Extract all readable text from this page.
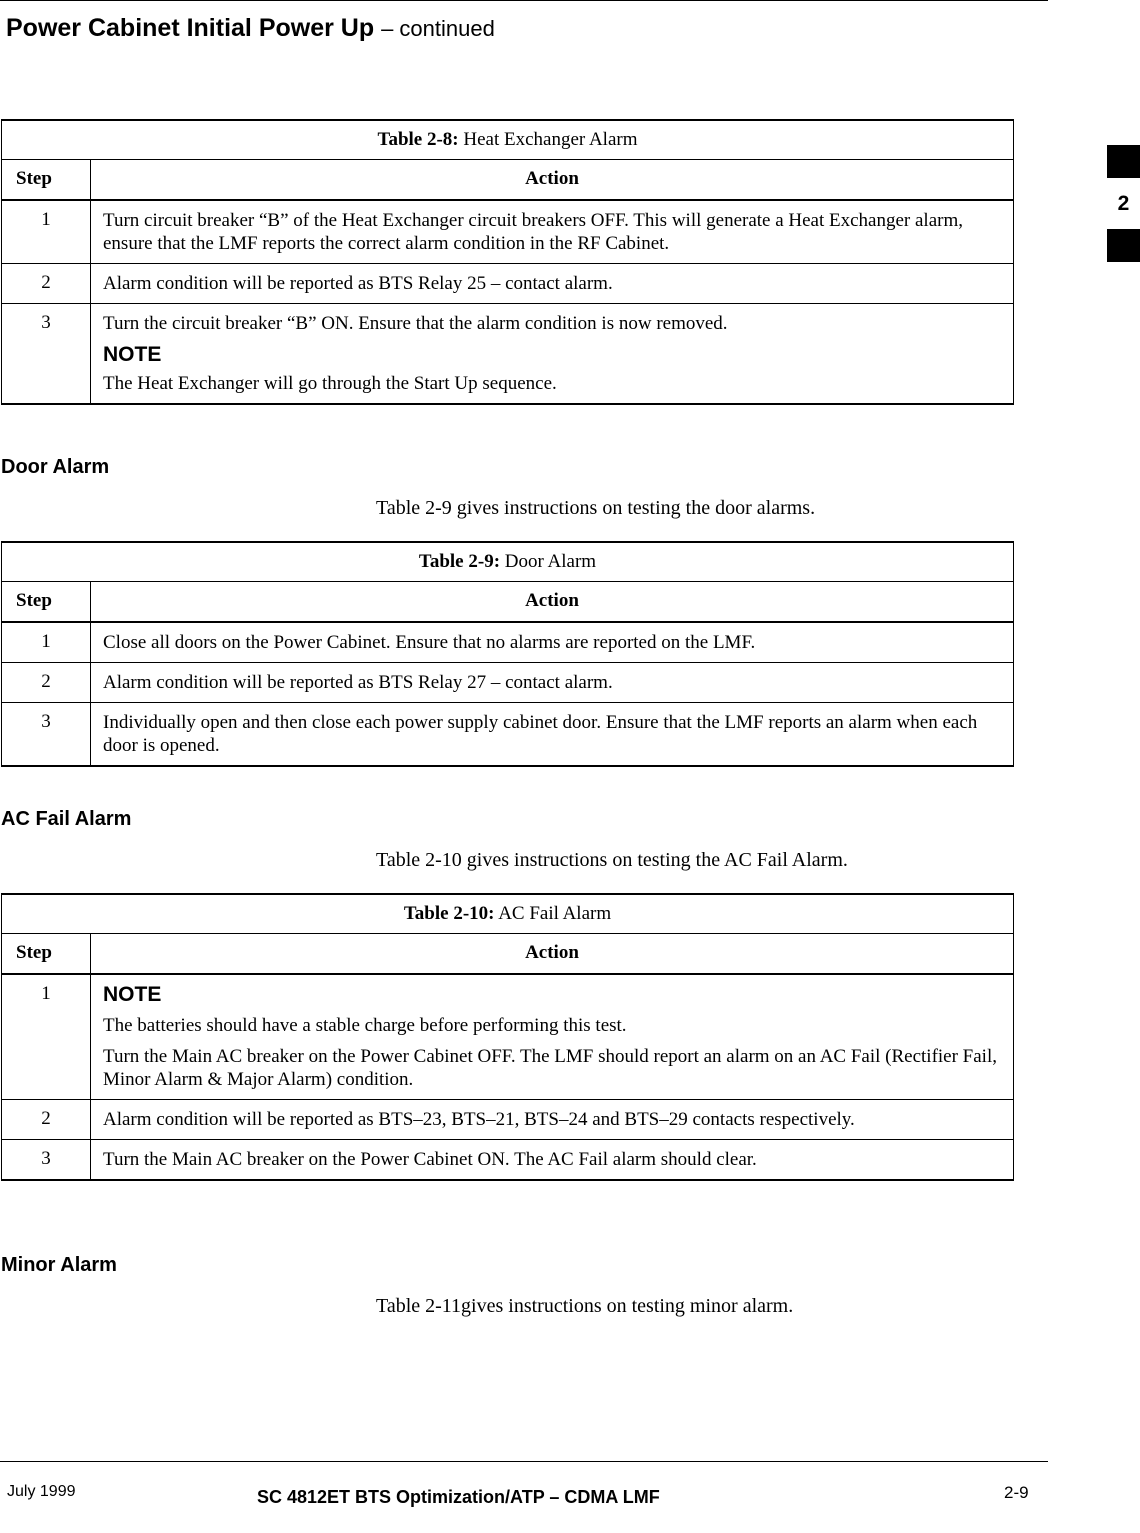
Power Cabinet Initial Power Up – continued
Table 2-8: Heat Exchanger Alarm	
Step	Action
1	Turn circuit breaker “B” of the Heat Exchanger circuit breakers OFF. This will generate a Heat Exchanger alarm, ensure that the LMF reports the correct alarm condition in the RF Cabinet.
2	Alarm condition will be reported as BTS Relay 25 – contact alarm.
3	Turn the circuit breaker “B” ON. Ensure that the alarm condition is now removed.
NOTE
The Heat Exchanger will go through the Start Up sequence.
Door Alarm

Table 2-9 gives instructions on testing the door alarms.

Table 2-9: Door Alarm	
Step	Action
1	Close all doors on the Power Cabinet. Ensure that no alarms are reported on the LMF.
2	Alarm condition will be reported as BTS Relay 27 – contact alarm.
3	Individually open and then close each power supply cabinet door. Ensure that the LMF reports an alarm when each door is opened.
AC Fail Alarm

Table 2-10 gives instructions on testing the AC Fail Alarm.

Table 2-10: AC Fail Alarm	
Step	Action
1	NOTE
The batteries should have a stable charge before performing this test.
Turn the Main AC breaker on the Power Cabinet OFF. The LMF should report an alarm on an AC Fail (Rectifier Fail, Minor Alarm & Major Alarm) condition.

2	Alarm condition will be reported as BTS–23, BTS–21, BTS–24 and BTS–29 contacts respectively.
3	Turn the Main AC breaker on the Power Cabinet ON. The AC Fail alarm should clear.
Minor Alarm

Table 2-11gives instructions on testing minor alarm.

2
July 1999	SC 4812ET BTS Optimization/ATP – CDMA LMF	2-9
